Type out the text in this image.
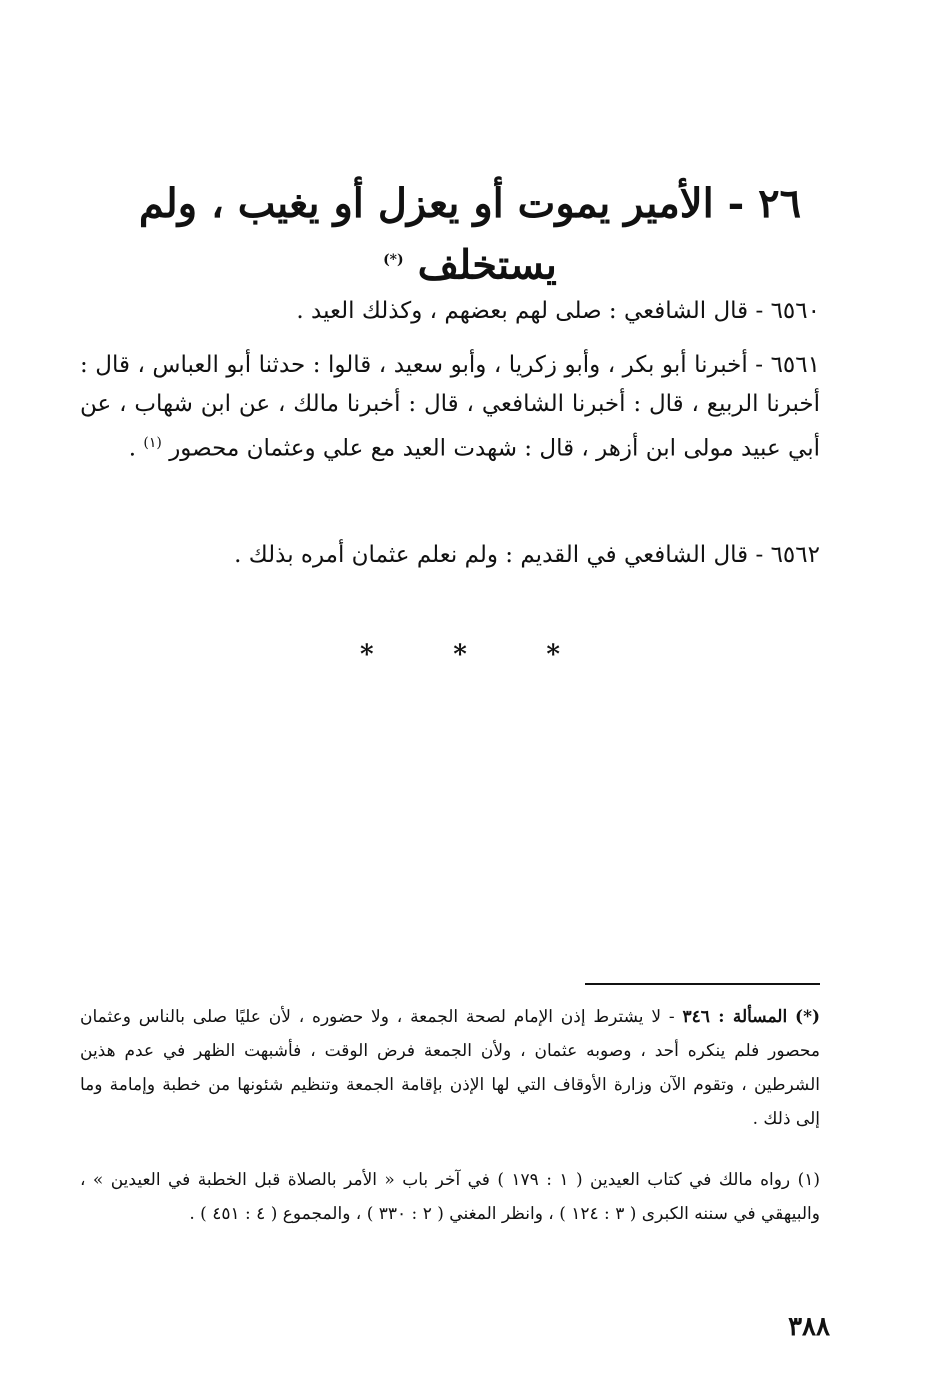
٢٦ - الأمير يموت أو يعزل أو يغيب ، ولم يستخلف (*)

٦٥٦٠ - قال الشافعي : صلى لهم بعضهم ، وكذلك العيد .

٦٥٦١ - أخبرنا أبو بكر ، وأبو زكريا ، وأبو سعيد ، قالوا : حدثنا أبو العباس ، قال : أخبرنا الربيع ، قال : أخبرنا الشافعي ، قال : أخبرنا مالك ، عن ابن شهاب ، عن أبي عبيد مولى ابن أزهر ، قال : شهدت العيد مع علي وعثمان محصور $^{(١)}$ .

٦٥٦٢ - قال الشافعي في القديم : ولم نعلم عثمان أمره بذلك .

*	*	*

(*) المسألة : ٣٤٦ - لا يشترط إذن الإمام لصحة الجمعة ، ولا حضوره ، لأن عليًا صلى بالناس وعثمان محصور فلم ينكره أحد ، وصوبه عثمان ، ولأن الجمعة فرض الوقت ، فأشبهت الظهر في عدم هذين الشرطين ، وتقوم الآن وزارة الأوقاف التي لها الإذن بإقامة الجمعة وتنظيم شئونها من خطبة وإمامة وما إلى ذلك .

(١) رواه مالك في كتاب العيدين ( ١ : ١٧٩ ) في آخر باب « الأمر بالصلاة قبل الخطبة في العيدين » ، والبيهقي في سننه الكبرى ( ٣ : ١٢٤ ) ، وانظر المغني ( ٢ : ٣٣٠ ) ، والمجموع ( ٤ : ٤٥١ ) .

٣٨٨
